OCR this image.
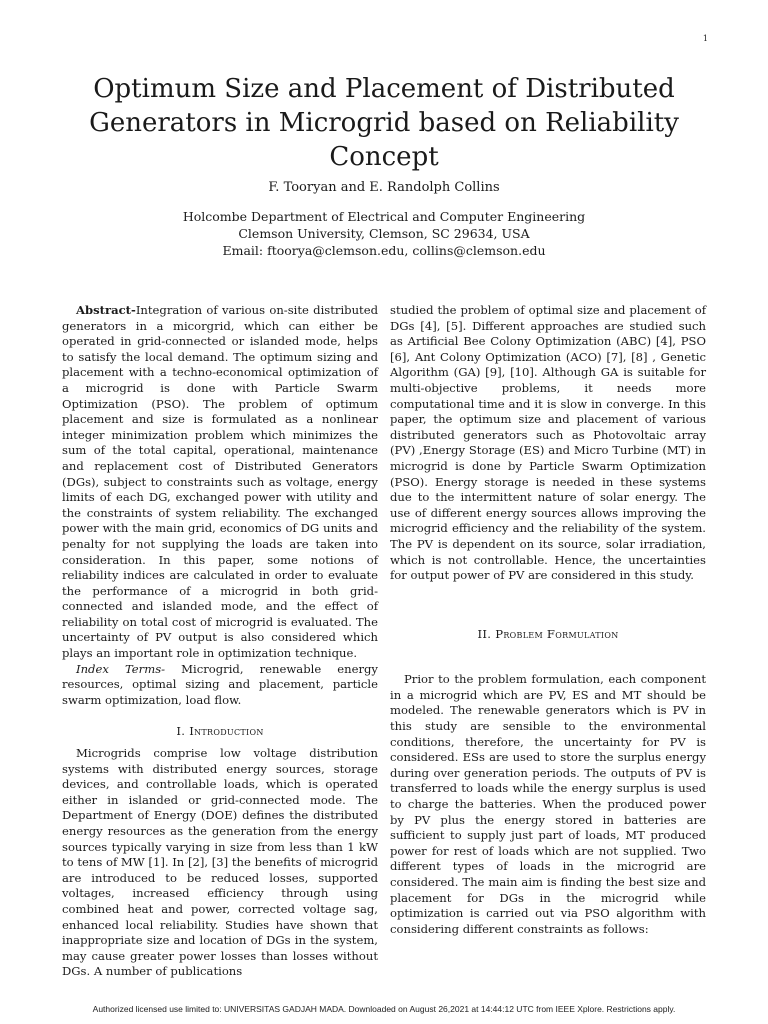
1
Optimum Size and Placement of Distributed Generators in Microgrid based on Reliability Concept
F. Tooryan and E. Randolph Collins
Holcombe Department of Electrical and Computer Engineering
Clemson University, Clemson, SC 29634, USA
Email: ftoorya@clemson.edu, collins@clemson.edu

Abstract-Integration of various on-site distributed generators in a micorgrid, which can either be operated in grid-connected or islanded mode, helps to satisfy the local demand. The optimum sizing and placement with a techno-economical optimization of a microgrid is done with Particle Swarm Optimization (PSO). The problem of optimum placement and size is formulated as a nonlinear integer minimization problem which minimizes the sum of the total capital, operational, maintenance and replacement cost of Distributed Generators (DGs), subject to constraints such as voltage, energy limits of each DG, exchanged power with utility and the constraints of system reliability. The exchanged power with the main grid, economics of DG units and penalty for not supplying the loads are taken into consideration. In this paper, some notions of reliability indices are calculated in order to evaluate the performance of a microgrid in both grid-connected and islanded mode, and the effect of reliability on total cost of microgrid is evaluated. The uncertainty of PV output is also considered which plays an important role in optimization technique.

Index Terms- Microgrid, renewable energy resources, optimal sizing and placement, particle swarm optimization, load flow.

I. Introduction

Microgrids comprise low voltage distribution systems with distributed energy sources, storage devices, and controllable loads, which is operated either in islanded or grid-connected mode. The Department of Energy (DOE) defines the distributed energy resources as the generation from the energy sources typically varying in size from less than 1 kW to tens of MW [1]. In [2], [3] the benefits of microgrid are introduced to be reduced losses, supported voltages, increased efficiency through using combined heat and power, corrected voltage sag, enhanced local reliability. Studies have shown that inappropriate size and location of DGs in the system, may cause greater power losses than losses without DGs. A number of publications

studied the problem of optimal size and placement of DGs [4], [5]. Different approaches are studied such as Artificial Bee Colony Optimization (ABC) [4], PSO [6], Ant Colony Optimization (ACO) [7], [8] , Genetic Algorithm (GA) [9], [10]. Although GA is suitable for multi-objective problems, it needs more computational time and it is slow in converge. In this paper, the optimum size and placement of various distributed generators such as Photovoltaic array (PV) ,Energy Storage (ES) and Micro Turbine (MT) in microgrid is done by Particle Swarm Optimization (PSO). Energy storage is needed in these systems due to the intermittent nature of solar energy. The use of different energy sources allows improving the microgrid efficiency and the reliability of the system. The PV is dependent on its source, solar irradiation, which is not controllable. Hence, the uncertainties for output power of PV are considered in this study.

II. Problem Formulation

Prior to the problem formulation, each component in a microgrid which are PV, ES and MT should be modeled. The renewable generators which is PV in this study are sensible to the environmental conditions, therefore, the uncertainty for PV is considered. ESs are used to store the surplus energy during over generation periods. The outputs of PV is transferred to loads while the energy surplus is used to charge the batteries. When the produced power by PV plus the energy stored in batteries are sufficient to supply just part of loads, MT produced power for rest of loads which are not supplied. Two different types of loads in the microgrid are considered. The main aim is finding the best size and placement for DGs in the microgrid while optimization is carried out via PSO algorithm with considering different constraints as follows:

Authorized licensed use limited to: UNIVERSITAS GADJAH MADA. Downloaded on August 26,2021 at 14:44:12 UTC from IEEE Xplore. Restrictions apply.
